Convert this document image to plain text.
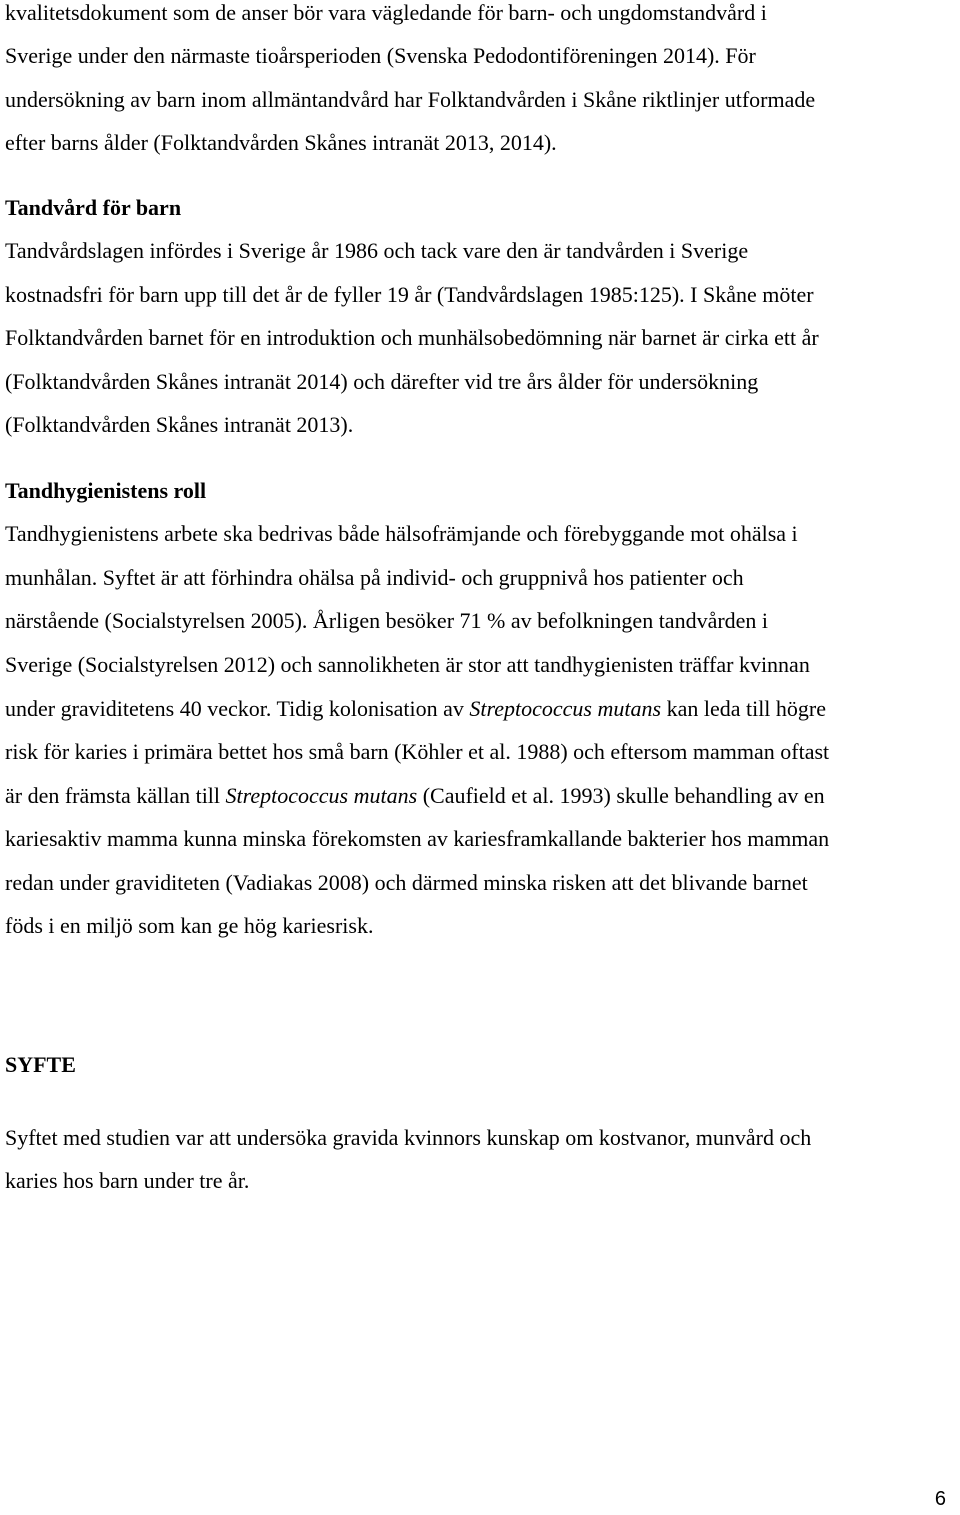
kvalitetsdokument som de anser bör vara vägledande för barn- och ungdomstandvård i
Sverige under den närmaste tioårsperioden (Svenska Pedodontiföreningen 2014). För
undersökning av barn inom allmäntandvård har Folktandvården i Skåne riktlinjer utformade
efter barns ålder (Folktandvården Skånes intranät 2013, 2014).
Tandvård för barn
Tandvårdslagen infördes i Sverige år 1986 och tack vare den är tandvården i Sverige
kostnadsfri för barn upp till det år de fyller 19 år (Tandvårdslagen 1985:125). I Skåne möter
Folktandvården barnet för en introduktion och munhälsobedömning när barnet är cirka ett år
(Folktandvården Skånes intranät 2014) och därefter vid tre års ålder för undersökning
(Folktandvården Skånes intranät 2013).
Tandhygienistens roll
Tandhygienistens arbete ska bedrivas både hälsofrämjande och förebyggande mot ohälsa i
munhålan. Syftet är att förhindra ohälsa på individ- och gruppnivå hos patienter och
närstående (Socialstyrelsen 2005). Årligen besöker 71 % av befolkningen tandvården i
Sverige (Socialstyrelsen 2012) och sannolikheten är stor att tandhygienisten träffar kvinnan
under graviditetens 40 veckor. Tidig kolonisation av Streptococcus mutans kan leda till högre
risk för karies i primära bettet hos små barn (Köhler et al. 1988) och eftersom mamman oftast
är den främsta källan till Streptococcus mutans (Caufield et al. 1993) skulle behandling av en
kariesaktiv mamma kunna minska förekomsten av kariesframkallande bakterier hos mamman
redan under graviditeten (Vadiakas 2008) och därmed minska risken att det blivande barnet
föds i en miljö som kan ge hög kariesrisk.
SYFTE
Syftet med studien var att undersöka gravida kvinnors kunskap om kostvanor, munvård och
karies hos barn under tre år.
6
